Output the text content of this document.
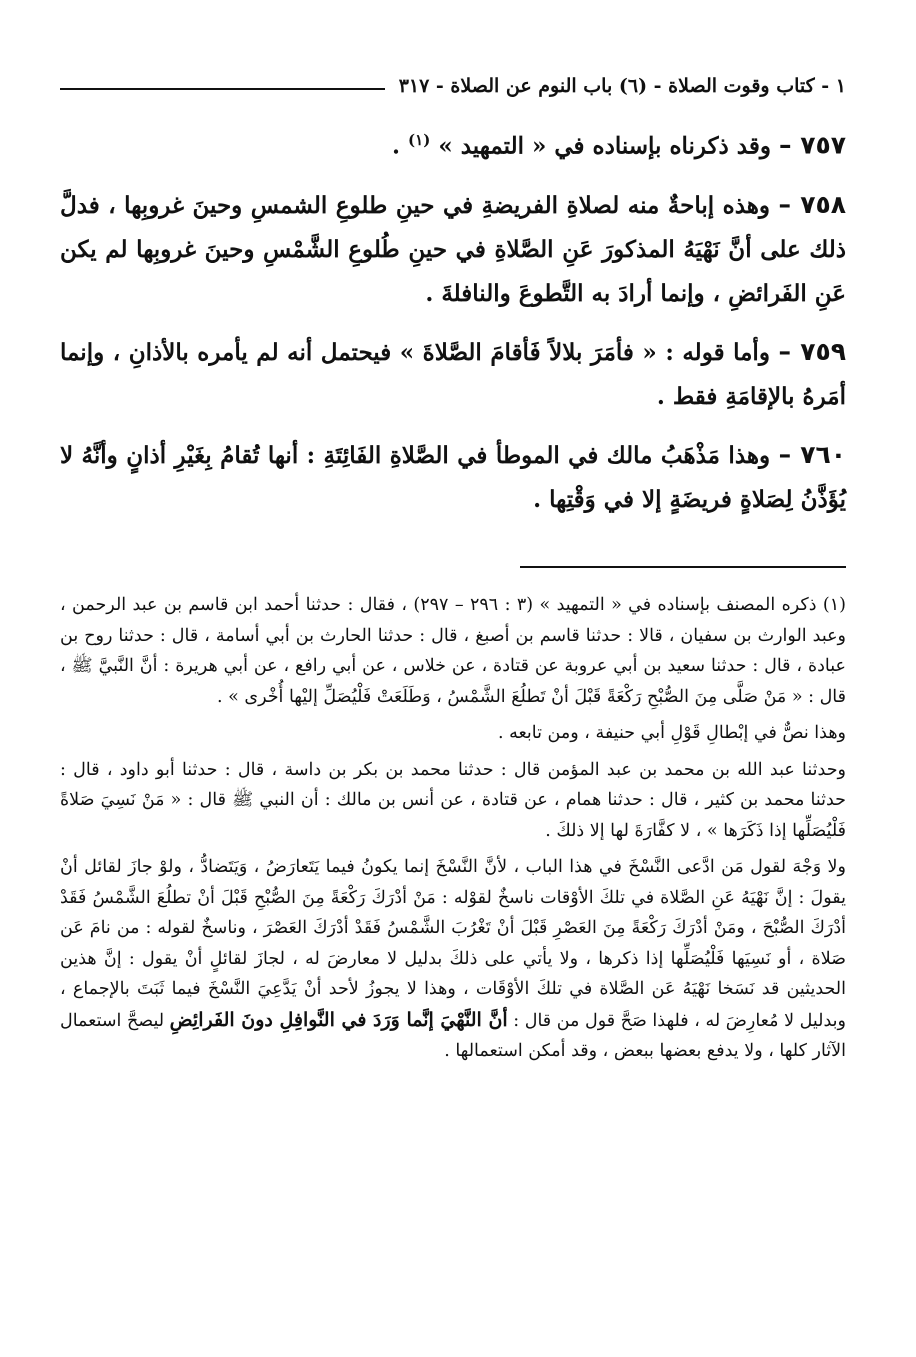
١ - كتاب وقوت الصلاة - (٦) باب النوم عن الصلاة - ٣١٧

٧٥٧ – وقد ذكرناه بإسناده في « التمهيد » $^{(١)}$ .

٧٥٨ – وهذه إباحةٌ منه لصلاةِ الفريضةِ في حينِ طلوعِ الشمسِ وحينَ غروبِها ، فدلَّ ذلك على أنَّ نَهْيَهُ المذكورَ عَنِ الصَّلاةِ في حينِ طُلوعِ الشَّمْسِ وحينَ غروبِها لم يكن عَنِ الفَرائضِ ، وإنما أرادَ به التَّطوعَ والنافلةَ .

٧٥٩ – وأما قوله : « فأمَرَ بلالاً فَأقامَ الصَّلاةَ » فيحتمل أنه لم يأمره بالأذانِ ، وإنما أمَرهُ بالإقامَةِ فقط .

٧٦٠ – وهذا مَذْهَبُ مالك في الموطأ في الصَّلاةِ الفَائِتَةِ : أنها تُقامُ بِغَيْرِ أذانٍ وأنَّهُ لا يُؤَذَّنُ لِصَلاةٍ فريضَةٍ إلا في وَقْتِها .

(١) ذكره المصنف بإسناده في « التمهيد » (٣ : ٢٩٦ – ٢٩٧) ، فقال : حدثنا أحمد ابن قاسم بن عبد الرحمن ، وعبد الوارث بن سفيان ، قالا : حدثنا قاسم بن أصبغ ، قال : حدثنا الحارث بن أبي أسامة ، قال : حدثنا روح بن عبادة ، قال : حدثنا سعيد بن أبي عروبة عن قتادة ، عن خلاس ، عن أبي رافع ، عن أبي هريرة : أنَّ النَّبيَّ ﷺ ، قال : « مَنْ صَلَّى مِنَ الصُّبْحِ رَكْعَةً قَبْلَ أنْ تَطلُعَ الشَّمْسُ ، وَطَلَعَتْ فَلْيُصَلِّ إليْها أُخْرى » .

وهذا نصٌّ في إبْطالِ قَوْلِ أبي حنيفة ، ومن تابعه .

وحدثنا عبد الله بن محمد بن عبد المؤمن قال : حدثنا محمد بن بكر بن داسة ، قال : حدثنا أبو داود ، قال : حدثنا محمد بن كثير ، قال : حدثنا همام ، عن قتادة ، عن أنس بن مالك : أن النبي ﷺ قال : « مَنْ نَسِيَ صَلاةً فَلْيُصَلِّها إذا ذَكَرَها » ، لا كفَّارَةَ لها إلا ذلكَ .

ولا وَجْهَ لقول مَن ادَّعى النَّسْخَ في هذا الباب ، لأنَّ النَّسْخَ إنما يكونُ فيما يَتَعارَضُ ، وَيَتَضادُّ ، ولوْ جازَ لقائل أنْ يقولَ : إنَّ نَهْيَهُ عَنِ الصَّلاة في تلكَ الأوْقات ناسخٌ لقوْله : مَنْ أدْرَكَ رَكْعَةً مِنَ الصُّبْحِ قَبْلَ أنْ تطلُعَ الشَّمْسُ فَقَدْ أدْرَكَ الصُّبْحَ ، ومَنْ أدْرَكَ رَكْعَةً مِنَ العَصْرِ قَبْلَ أنْ تَغْرُبَ الشَّمْسُ فَقَدْ أدْرَكَ العَصْرَ ، وناسخٌ لقوله : من نامَ عَن صَلاة ، أو نَسِيَها فَلْيُصَلِّها إذا ذكرها ، ولا يأتي على ذلكَ بدليل لا معارضَ له ، لجازَ لقائلٍ أنْ يقول : إنَّ هذين الحديثين قد نَسَخا نَهْيَهُ عَن الصَّلاة في تلكَ الأوْقَات ، وهذا لا يجوزُ لأحد أنْ يَدَّعِيَ النَّسْخَ فيما ثَبَتَ بالإجماع ، وبدليل لا مُعارِضَ له ، فلهذا صَحَّ قول من قال : أنَّ النَّهْيَ إنَّما وَرَدَ في النَّوافِلِ دونَ الفَرائِضِ ليصحَّ استعمال الآثار كلها ، ولا يدفع بعضها ببعض ، وقد أمكن استعمالها .
